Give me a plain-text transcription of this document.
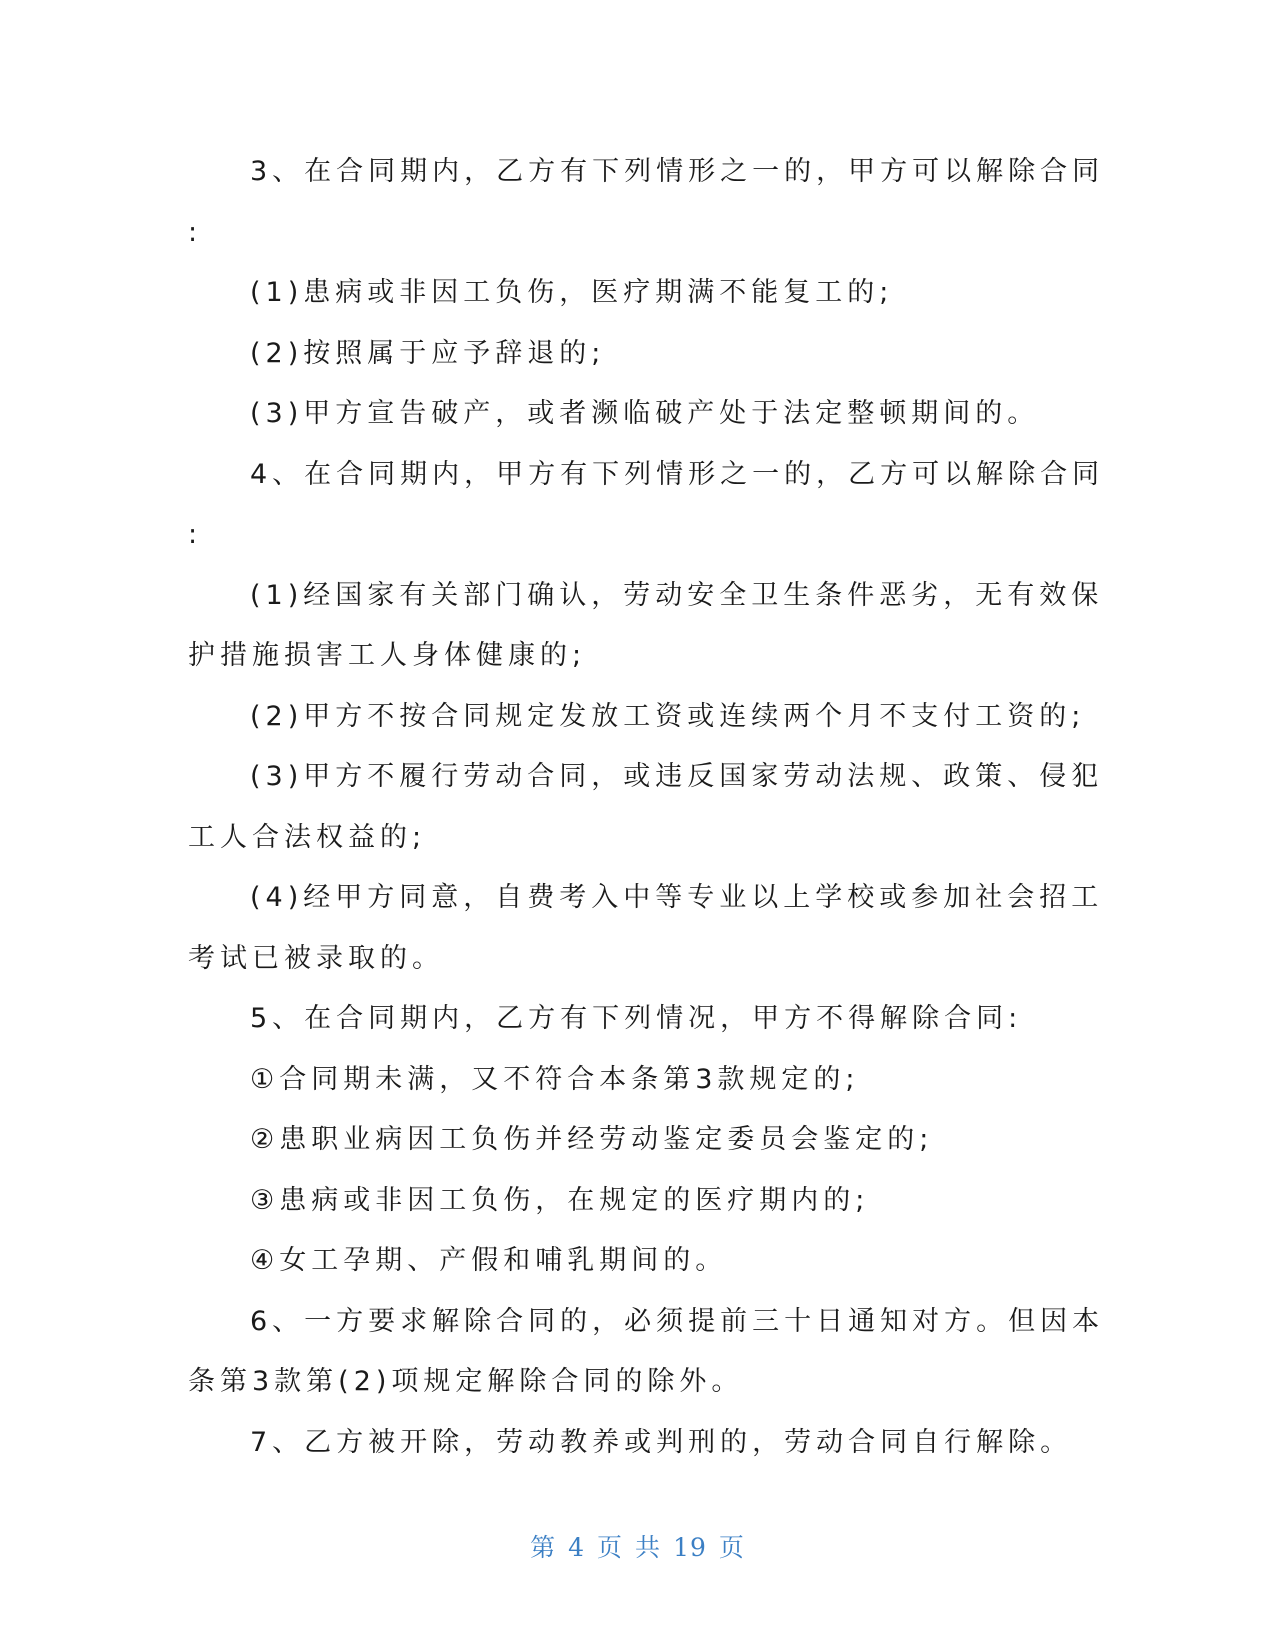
3、在合同期内，乙方有下列情形之一的，甲方可以解除合同
:
(1)患病或非因工负伤，医疗期满不能复工的;
(2)按照属于应予辞退的;
(3)甲方宣告破产，或者濒临破产处于法定整顿期间的。
4、在合同期内，甲方有下列情形之一的，乙方可以解除合同
:
(1)经国家有关部门确认，劳动安全卫生条件恶劣，无有效保
护措施损害工人身体健康的;
(2)甲方不按合同规定发放工资或连续两个月不支付工资的;
(3)甲方不履行劳动合同，或违反国家劳动法规、政策、侵犯
工人合法权益的;
(4)经甲方同意，自费考入中等专业以上学校或参加社会招工
考试已被录取的。
5、在合同期内，乙方有下列情况，甲方不得解除合同:
①合同期未满，又不符合本条第3款规定的;
②患职业病因工负伤并经劳动鉴定委员会鉴定的;
③患病或非因工负伤，在规定的医疗期内的;
④女工孕期、产假和哺乳期间的。
6、一方要求解除合同的，必须提前三十日通知对方。但因本
条第3款第(2)项规定解除合同的除外。
7、乙方被开除，劳动教养或判刑的，劳动合同自行解除。
第 4 页 共 19 页
